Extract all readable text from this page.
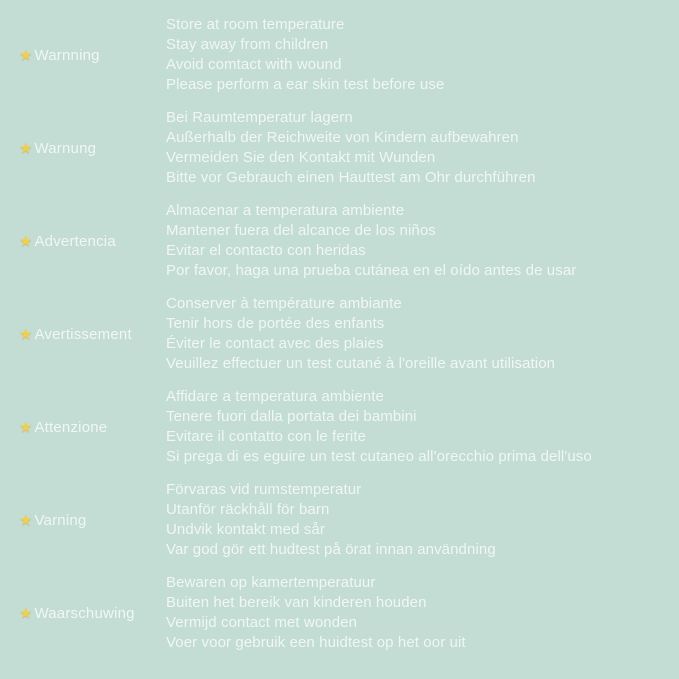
★ Warnning
Store at room temperature
Stay away from children
Avoid comtact with wound
Please perform a ear skin test before use
★ Warnung
Bei Raumtemperatur lagern
Außerhalb der Reichweite von Kindern aufbewahren
Vermeiden Sie den Kontakt mit Wunden
Bitte vor Gebrauch einen Hauttest am Ohr durchführen
★ Advertencia
Almacenar a temperatura ambiente
Mantener fuera del alcance de los niños
Evitar el contacto con heridas
Por favor, haga una prueba cutánea en el oído antes de usar
★ Avertissement
Conserver à température ambiante
Tenir hors de portée des enfants
Éviter le contact avec des plaies
Veuillez effectuer un test cutané à l'oreille avant utilisation
★ Attenzione
Affidare a temperatura ambiente
Tenere fuori dalla portata dei bambini
Evitare il contatto con le ferite
Si prega di es eguire un test cutaneo all'orecchio prima dell'uso
★ Varning
Förvaras vid rumstemperatur
Utanför räckhåll för barn
Undvik kontakt med sår
Var god gör ett hudtest på örat innan användning
★ Waarschuwing
Bewaren op kamertemperatuur
Buiten het bereik van kinderen houden
Vermijd contact met wonden
Voer voor gebruik een huidtest op het oor uit
